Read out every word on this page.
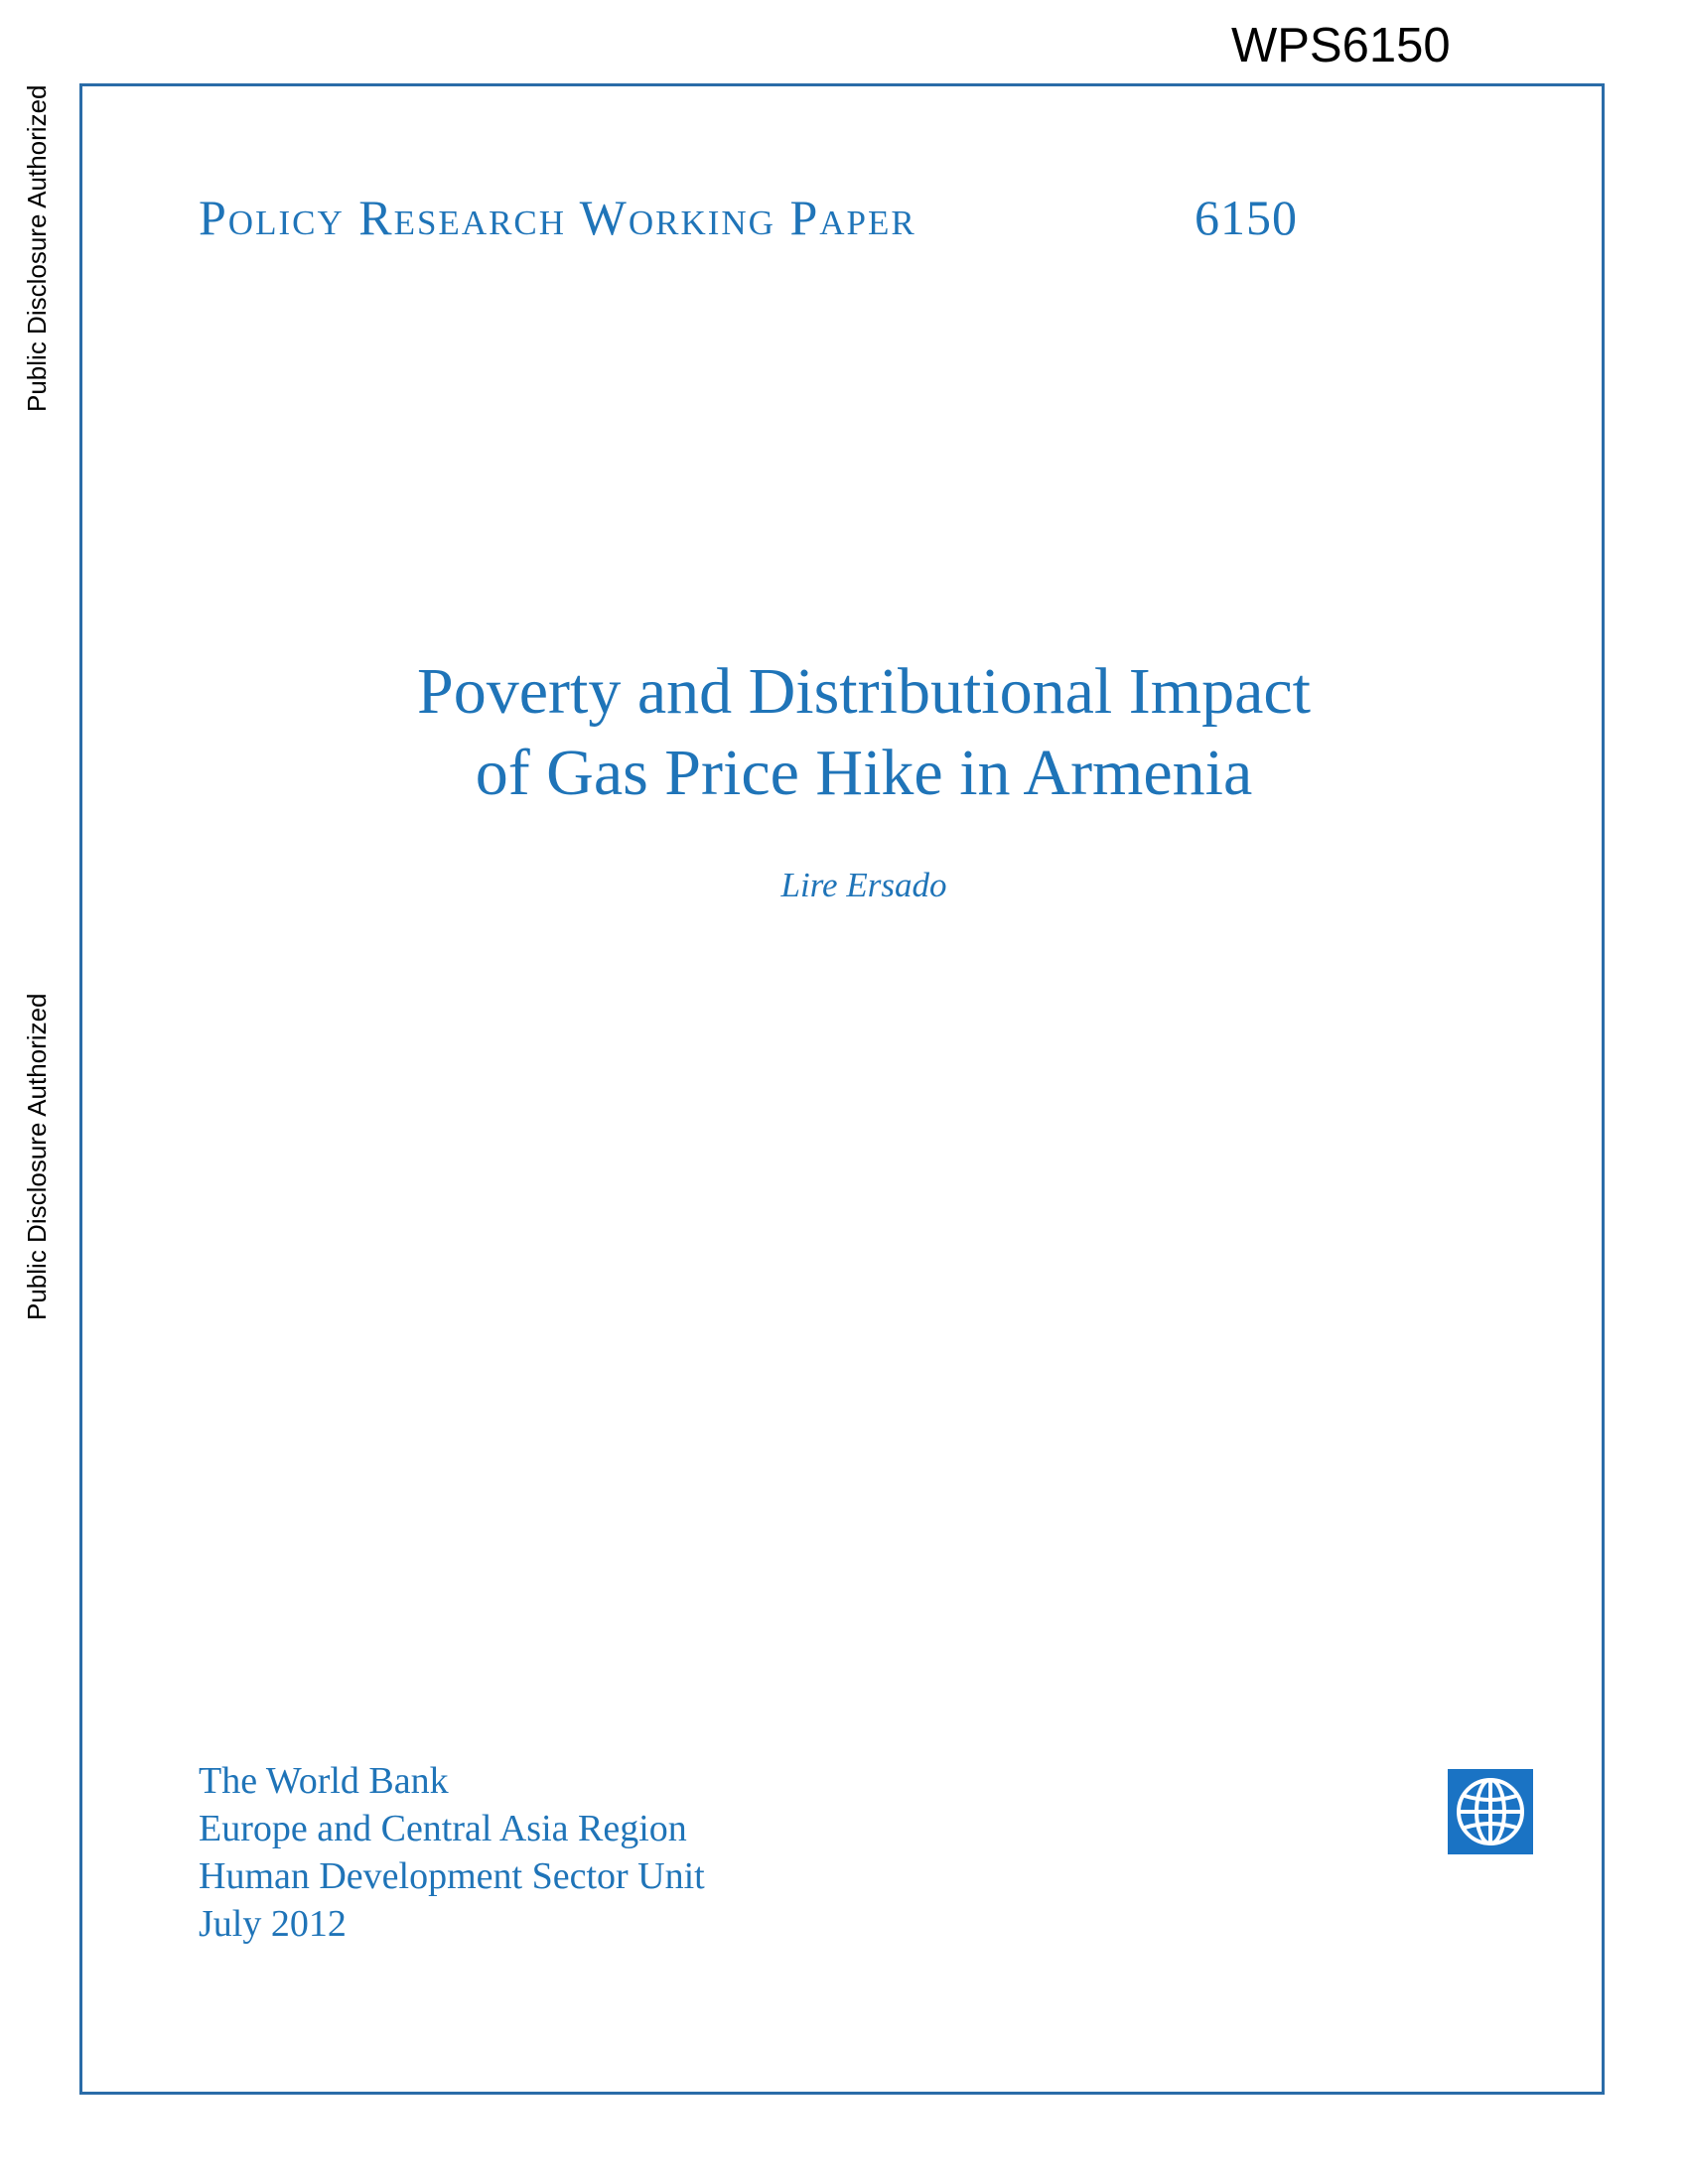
WPS6150
Public Disclosure Authorized
Public Disclosure Authorized
Policy Research Working Paper	6150
Poverty and Distributional Impact
of Gas Price Hike in Armenia
Lire Ersado
The World Bank
Europe and Central Asia Region
Human Development Sector Unit
July 2012
